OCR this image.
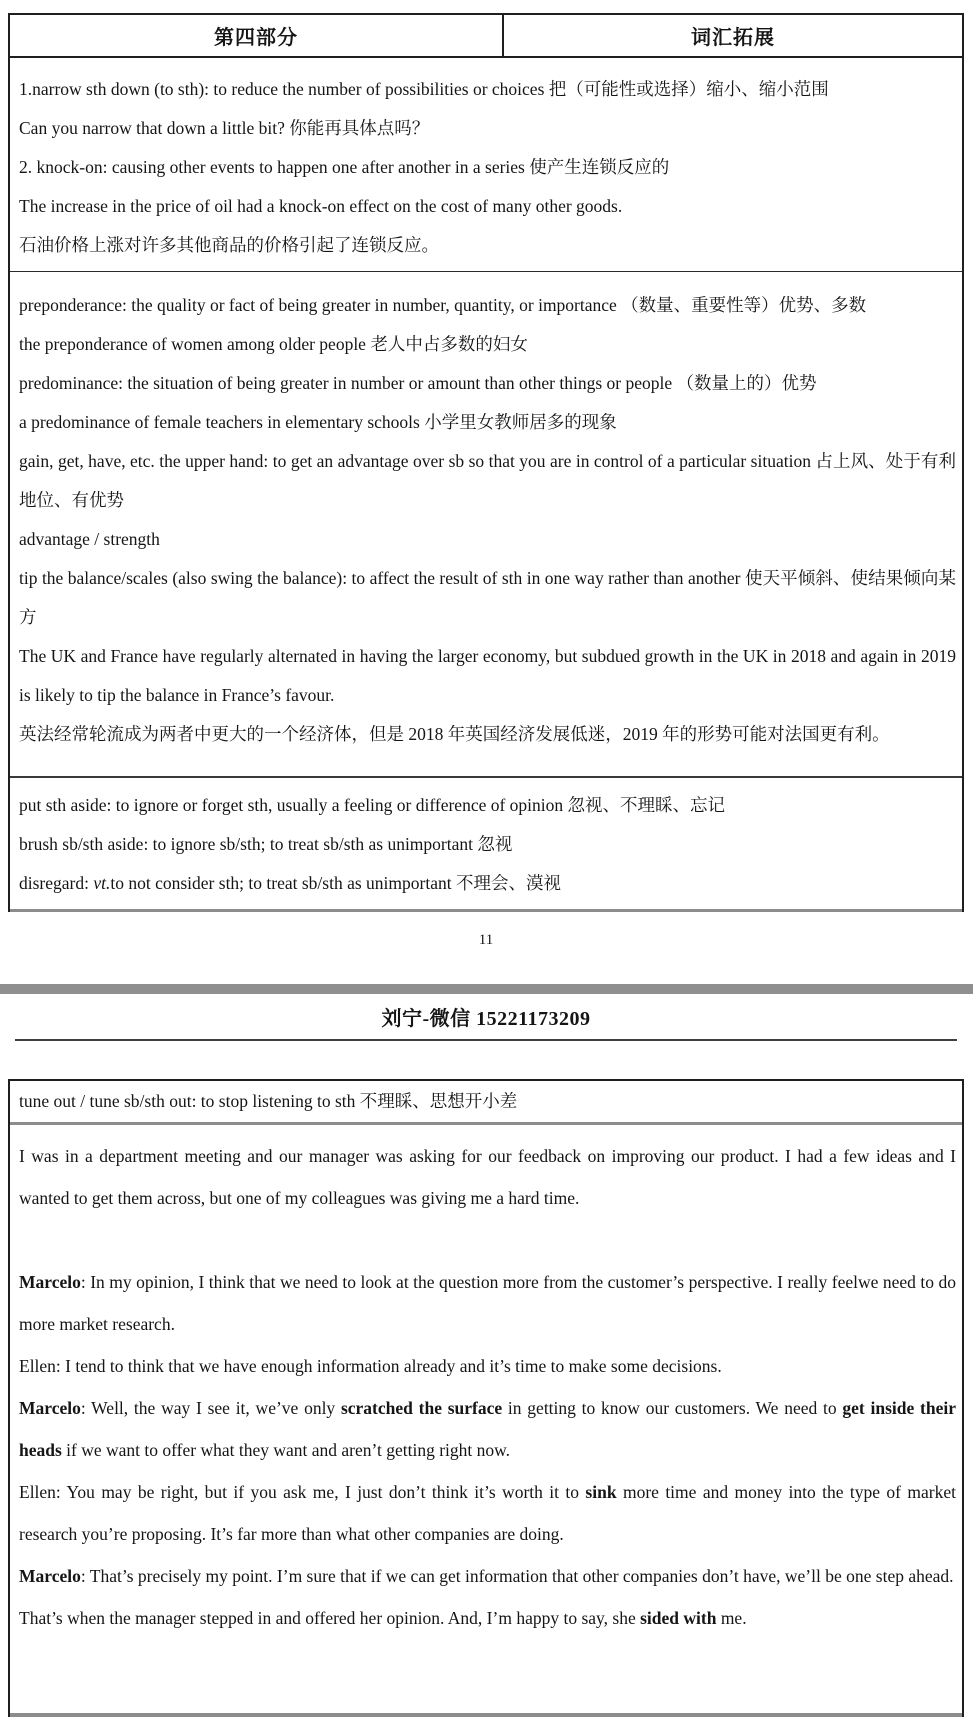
第四部分	词汇拓展

1.narrow sth down (to sth): to reduce the number of possibilities or choices 把（可能性或选择）缩小、缩小范围

Can you narrow that down a little bit? 你能再具体点吗？

2. knock-on: causing other events to happen one after another in a series 使产生连锁反应的

The increase in the price of oil had a knock-on effect on the cost of many other goods.

石油价格上涨对许多其他商品的价格引起了连锁反应。

preponderance: the quality or fact of being greater in number, quantity, or importance （数量、重要性等）优势、多数

the preponderance of women among older people 老人中占多数的妇女

predominance: the situation of being greater in number or amount than other things or people （数量上的）优势

a predominance of female teachers in elementary schools 小学里女教师居多的现象

gain, get, have, etc. the upper hand: to get an advantage over sb so that you are in control of a particular situation 占上风、处于有利地位、有优势

advantage / strength

tip the balance/scales (also swing the balance): to affect the result of sth in one way rather than another 使天平倾斜、使结果倾向某方

The UK and France have regularly alternated in having the larger economy, but subdued growth in the UK in 2018 and again in 2019 is likely to tip the balance in France’s favour.

英法经常轮流成为两者中更大的一个经济体，但是 2018 年英国经济发展低迷，2019 年的形势可能对法国更有利。

put sth aside: to ignore or forget sth, usually a feeling or difference of opinion 忽视、不理睬、忘记

brush sb/sth aside: to ignore sb/sth; to treat sb/sth as unimportant 忽视

disregard: vt.to not consider sth; to treat sb/sth as unimportant 不理会、漠视

11
刘宁-微信 15221173209

tune out / tune sb/sth out: to stop listening to sth 不理睬、思想开小差

I was in a department meeting and our manager was asking for our feedback on improving our product. I had a few ideas and I wanted to get them across, but one of my colleagues was giving me a hard time.

Marcelo: In my opinion, I think that we need to look at the question more from the customer’s perspective. I really feelwe need to do more market research.

Ellen: I tend to think that we have enough information already and it’s time to make some decisions.

Marcelo: Well, the way I see it, we’ve only scratched the surface in getting to know our customers. We need to get inside their heads if we want to offer what they want and aren’t getting right now.

Ellen: You may be right, but if you ask me, I just don’t think it’s worth it to sink more time and money into the type of market research you’re proposing. It’s far more than what other companies are doing.

Marcelo: That’s precisely my point. I’m sure that if we can get information that other companies don’t have, we’ll be one step ahead.

That’s when the manager stepped in and offered her opinion. And, I’m happy to say, she sided with me.
